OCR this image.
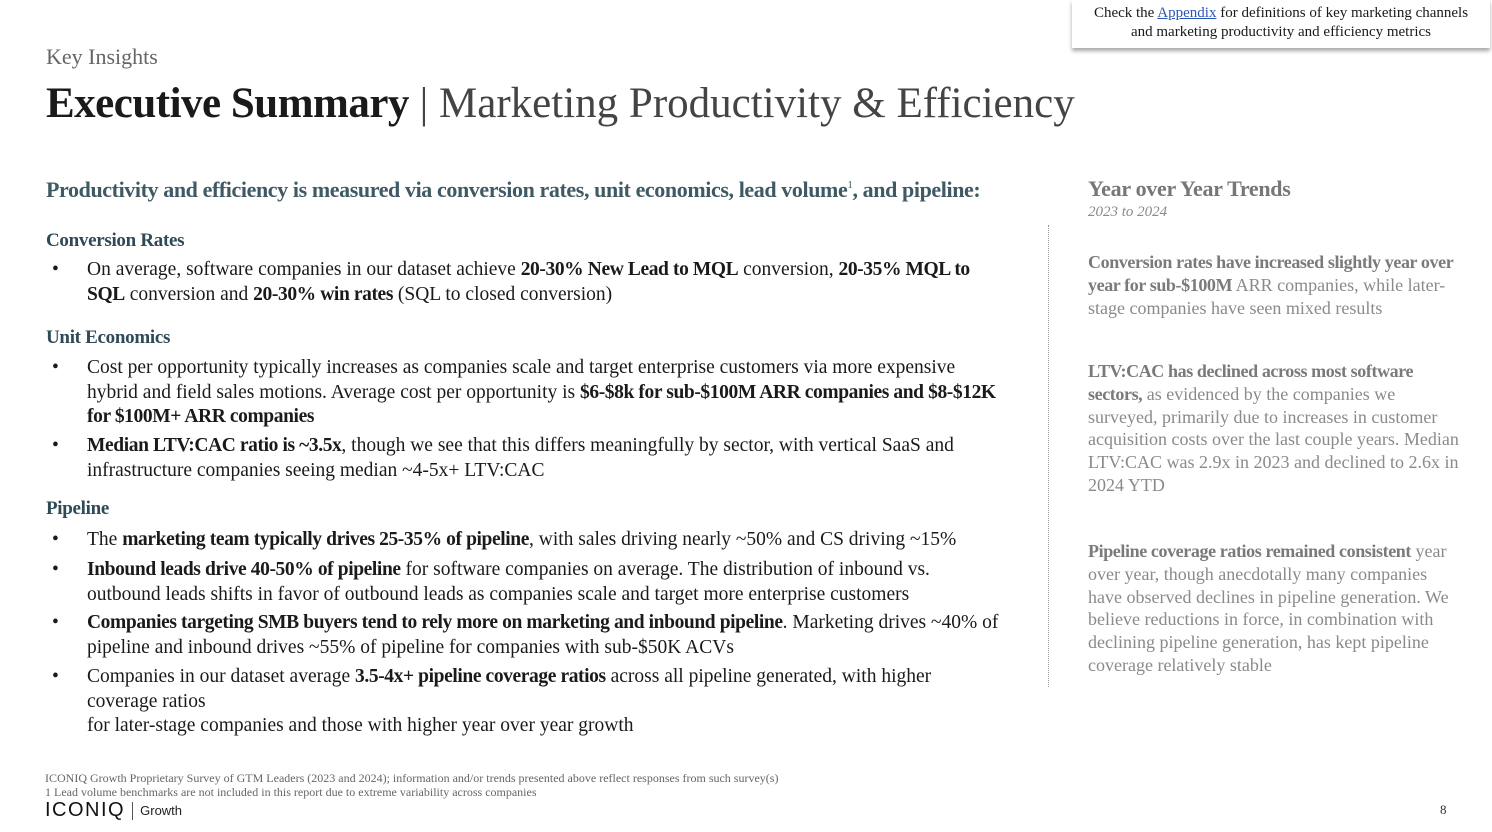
Check the Appendix for definitions of key marketing channels and marketing productivity and efficiency metrics
Key Insights
Executive Summary | Marketing Productivity & Efficiency
Productivity and efficiency is measured via conversion rates, unit economics, lead volume$^1$, and pipeline:
Conversion Rates
• On average, software companies in our dataset achieve 20-30% New Lead to MQL conversion, 20-35% MQL to SQL conversion and 20-30% win rates (SQL to closed conversion)
Unit Economics
• Cost per opportunity typically increases as companies scale and target enterprise customers via more expensive hybrid and field sales motions. Average cost per opportunity is $6-$8k for sub-$100M ARR companies and $8-$12K for $100M+ ARR companies
• Median LTV:CAC ratio is ~3.5x, though we see that this differs meaningfully by sector, with vertical SaaS and infrastructure companies seeing median ~4-5x+ LTV:CAC
Pipeline
• The marketing team typically drives 25-35% of pipeline, with sales driving nearly ~50% and CS driving ~15%
• Inbound leads drive 40-50% of pipeline for software companies on average. The distribution of inbound vs. outbound leads shifts in favor of outbound leads as companies scale and target more enterprise customers
• Companies targeting SMB buyers tend to rely more on marketing and inbound pipeline. Marketing drives ~40% of pipeline and inbound drives ~55% of pipeline for companies with sub-$50K ACVs
• Companies in our dataset average 3.5-4x+ pipeline coverage ratios across all pipeline generated, with higher coverage ratios
for later-stage companies and those with higher year over year growth
Year over Year Trends
2023 to 2024
Conversion rates have increased slightly year over year for sub-$100M ARR companies, while later-stage companies have seen mixed results
LTV:CAC has declined across most software sectors, as evidenced by the companies we surveyed, primarily due to increases in customer acquisition costs over the last couple years. Median LTV:CAC was 2.9x in 2023 and declined to 2.6x in 2024 YTD
Pipeline coverage ratios remained consistent year over year, though anecdotally many companies have observed declines in pipeline generation. We believe reductions in force, in combination with declining pipeline generation, has kept pipeline coverage relatively stable
ICONIQ Growth Proprietary Survey of GTM Leaders (2023 and 2024); information and/or trends presented above reflect responses from such survey(s)
1 Lead volume benchmarks are not included in this report due to extreme variability across companies
ICONIQ Growth	8
